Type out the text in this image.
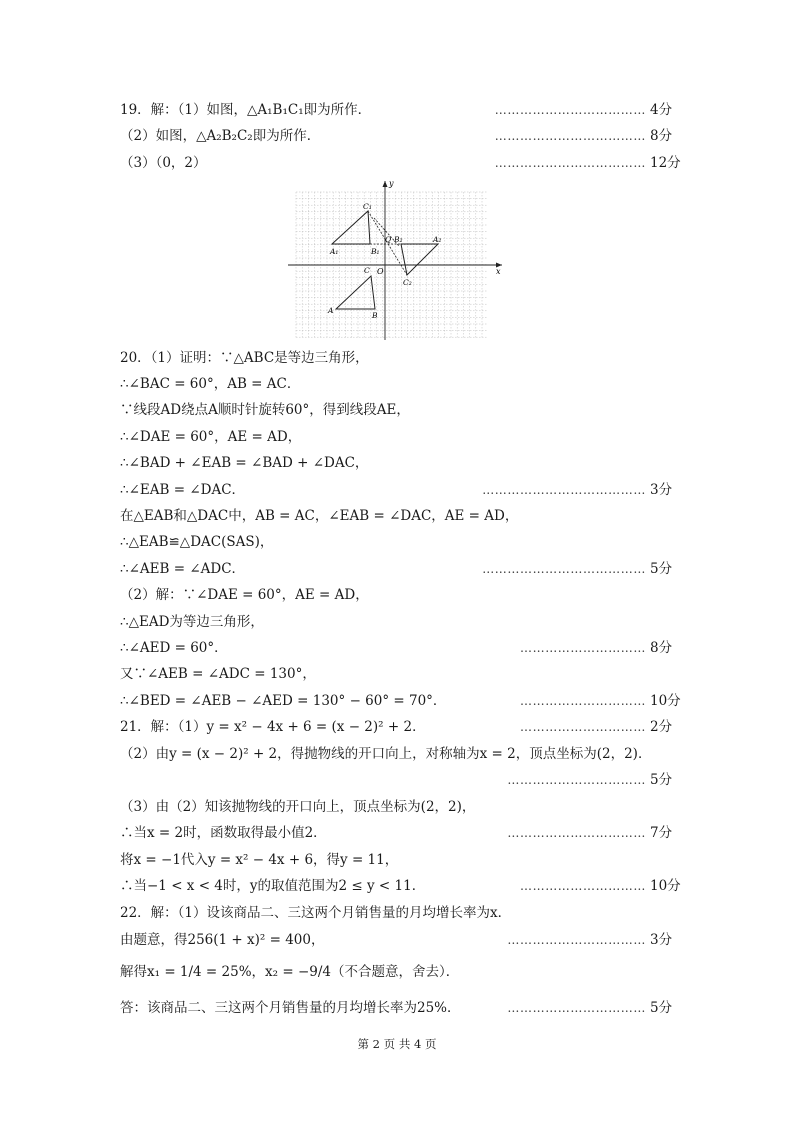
19．解：（1）如图，△A₁B₁C₁即为所作．	……………………………… 4分
（2）如图，△A₂B₂C₂即为所作．	……………………………… 8分
（3）（0，2）	……………………………… 12分
20．（1）证明：∵△ABC是等边三角形，
∴∠BAC = 60°，AB = AC．
∵线段AD绕点A顺时针旋转60°，得到线段AE，
∴∠DAE = 60°，AE = AD，
∴∠BAD + ∠EAB = ∠BAD + ∠DAC，
∴∠EAB = ∠DAC．	………………………………… 3分
在△EAB和△DAC中，AB = AC，∠EAB = ∠DAC，AE = AD，
∴△EAB≌△DAC(SAS)，
∴∠AEB = ∠ADC．	………………………………… 5分
（2）解：∵∠DAE = 60°，AE = AD，
∴△EAD为等边三角形，
∴∠AED = 60°．	………………………… 8分
又∵∠AEB = ∠ADC = 130°，
∴∠BED = ∠AEB − ∠AED = 130° − 60° = 70°．	………………………… 10分
21．解：（1）y = x² − 4x + 6 = (x − 2)² + 2．	………………………… 2分
（2）由y = (x − 2)² + 2，得抛物线的开口向上，对称轴为x = 2，顶点坐标为(2，2)．
…………………………… 5分
（3）由（2）知该抛物线的开口向上，顶点坐标为(2，2)，
∴当x = 2时，函数取得最小值2．	…………………………… 7分
将x = −1代入y = x² − 4x + 6，得y = 11，
∴当−1 < x < 4时，y的取值范围为2 ≤ y < 11．	………………………… 10分
22．解：（1）设该商品二、三这两个月销售量的月均增长率为x．
由题意，得256(1 + x)² = 400，	…………………………… 3分
解得x₁ = 1/4 = 25%，x₂ = −9/4（不合题意，舍去）．
答：该商品二、三这两个月销售量的月均增长率为25%．	…………………………… 5分
x
y
O
C₁
A₁	B₁
Q B₂	A₂
C₂
C
A
B
第 2 页 共 4 页
